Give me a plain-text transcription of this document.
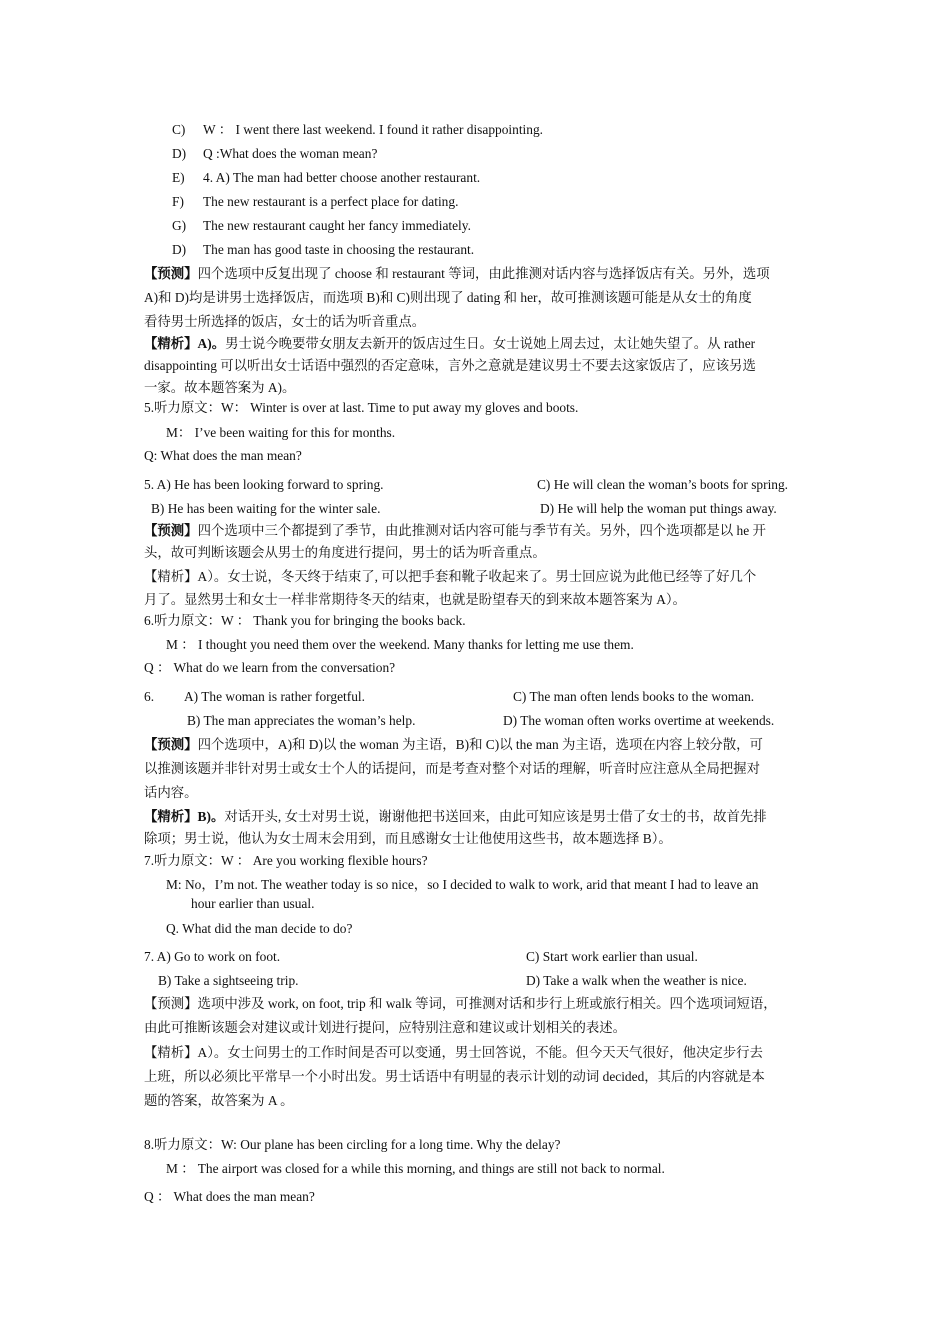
C) W ： I went there last weekend. I found it rather disappointing.
D) Q :What does the woman mean?
E) 4. A) The man had better choose another restaurant.
F) The new restaurant is a perfect place for dating.
G) The new restaurant caught her fancy immediately.
D) The man has good taste in choosing the restaurant.
【预测】四个选项中反复出现了 choose 和 restaurant 等词，由此推测对话内容与选择饭店有关。另外，选项
A)和 D)均是讲男士选择饭店，而选项 B)和 C)则出现了 dating 和 her，故可推测该题可能是从女士的角度
看待男士所选择的饭店，女士的话为听音重点。
【精析】A)。男士说今晚要带女朋友去新开的饭店过生日。女士说她上周去过，太让她失望了。从 rather
disappointing 可以听出女士话语中强烈的否定意味，言外之意就是建议男士不要去这家饭店了，应该另选
一家。故本题答案为 A)。
5.听力原文：W： Winter is over at last. Time to put away my gloves and boots.
M： I’ve been waiting for this for months.
Q: What does the man mean?
5. A) He has been looking forward to spring.	C) He will clean the woman’s boots for spring.
B) He has been waiting for the winter sale.	D) He will help the woman put things away.
【预测】四个选项中三个都提到了季节，由此推测对话内容可能与季节有关。另外，四个选项都是以 he 开
头，故可判断该题会从男士的角度进行提问，男士的话为听音重点。
【精析】A）。女士说，冬天终于结束了, 可以把手套和靴子收起来了。男士回应说为此他已经等了好几个
月了。显然男士和女士一样非常期待冬天的结束，也就是盼望春天的到来故本题答案为 A）。
6.听力原文：W ： Thank you for bringing the books back.
M ： I thought you need them over the weekend. Many thanks for letting me use them.
Q ： What do we learn from the conversation?
6. A) The woman is rather forgetful.	C) The man often lends books to the woman.
B) The man appreciates the woman’s help.	D) The woman often works overtime at weekends.
【预测】四个选项中，A)和 D)以 the woman 为主语，B)和 C)以 the man 为主语，选项在内容上较分散，可
以推测该题并非针对男士或女士个人的话提问，而是考查对整个对话的理解，听音时应注意从全局把握对
话内容。
【精析】B)。对话开头, 女士对男士说，谢谢他把书送回来，由此可知应该是男士借了女士的书，故首先排
除项；男士说，他认为女士周末会用到，而且感谢女士让他使用这些书，故本题选择 B）。
7.听力原文：W ： Are you working flexible hours?
M: No，I’m not. The weather today is so nice，so I decided to walk to work, arid that meant I had to leave an
hour earlier than usual.
Q. What did the man decide to do?
7. A) Go to work on foot.	C) Start work earlier than usual.
B) Take a sightseeing trip.	D) Take a walk when the weather is nice.
【预测】选项中涉及 work, on foot, trip 和 walk 等词，可推测对话和步行上班或旅行相关。四个选项词短语，
由此可推断该题会对建议或计划进行提问，应特别注意和建议或计划相关的表述。
【精析】A）。女士问男士的工作时间是否可以变通，男士回答说，不能。但今天天气很好，他决定步行去
上班，所以必须比平常早一个小时出发。男士话语中有明显的表示计划的动词 decided，其后的内容就是本
题的答案，故答案为 A 。
8.听力原文：W: Our plane has been circling for a long time. Why the delay?
M ： The airport was closed for a while this morning, and things are still not back to normal.
Q ： What does the man mean?
